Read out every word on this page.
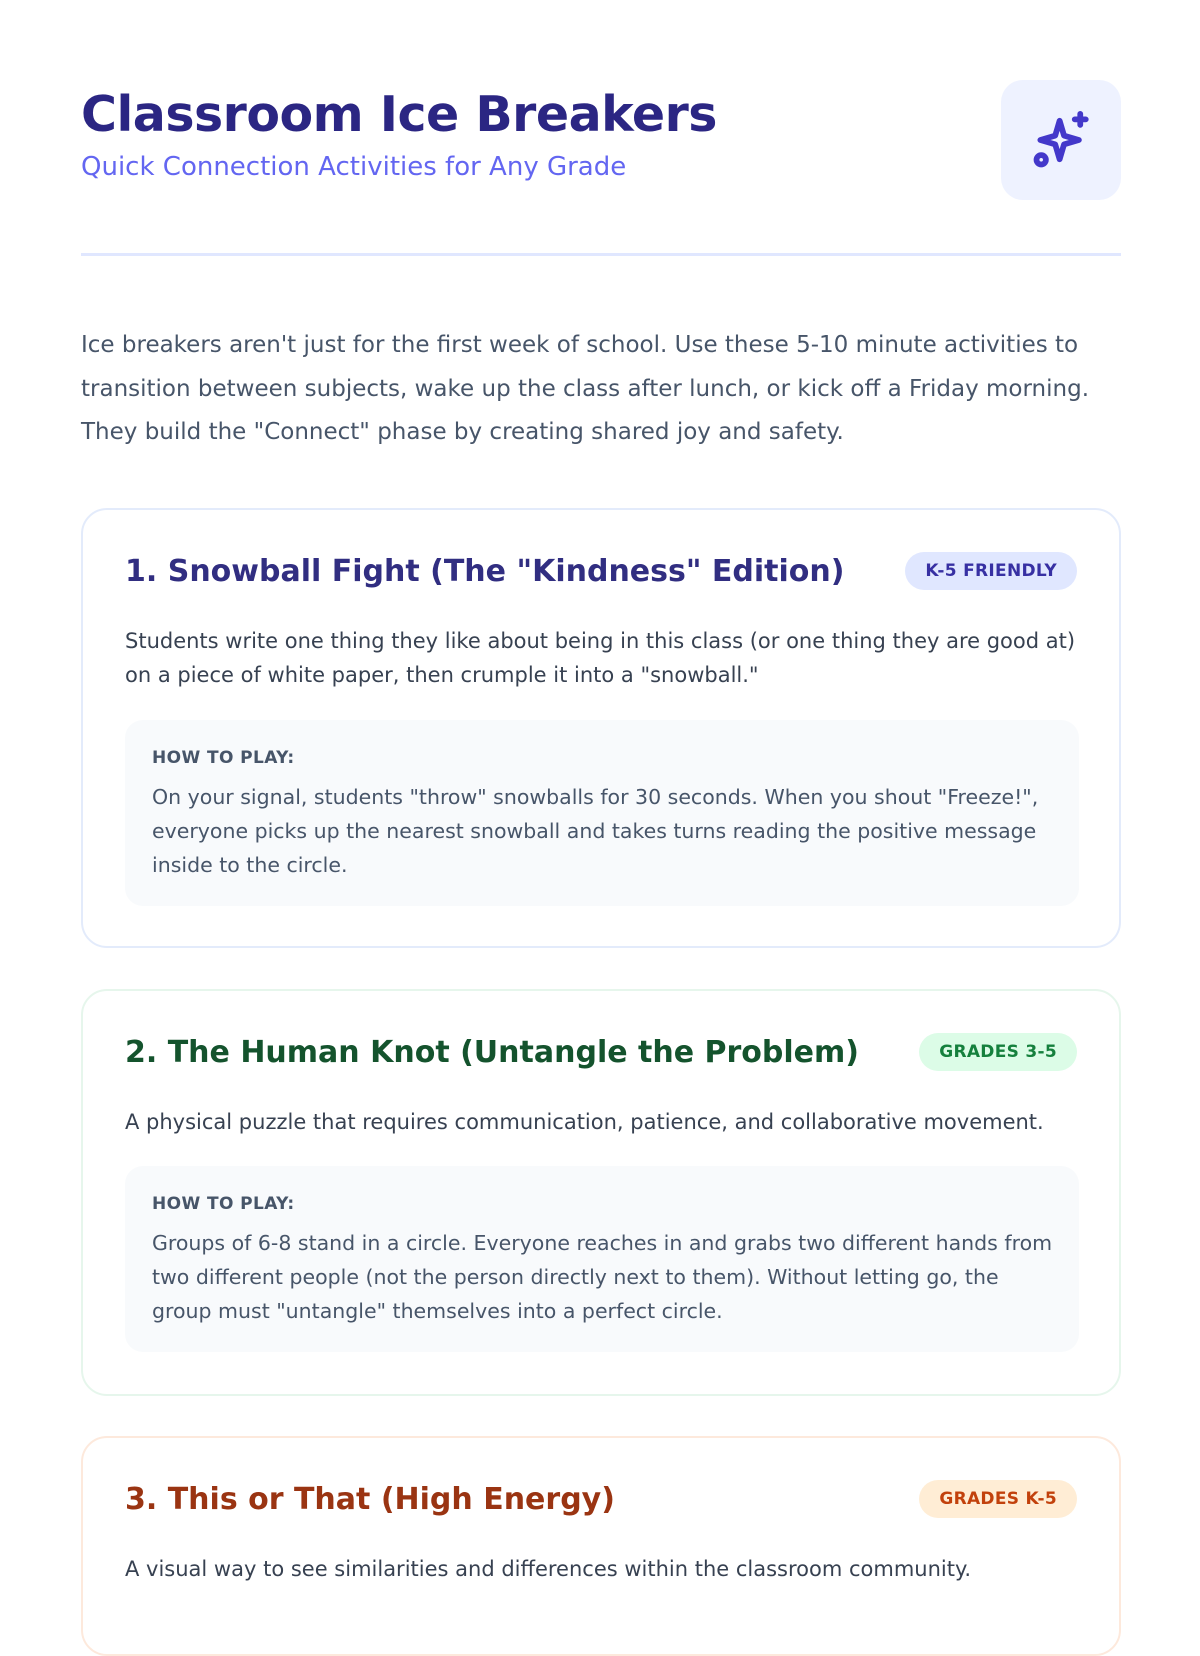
Classroom Ice Breakers
Quick Connection Activities for Any Grade

Ice breakers aren't just for the first week of school. Use these 5-10 minute activities to transition between subjects, wake up the class after lunch, or kick off a Friday morning. They build the "Connect" phase by creating shared joy and safety.

1. Snowball Fight (The "Kindness" Edition)	K-5 FRIENDLY

Students write one thing they like about being in this class (or one thing they are good at) on a piece of white paper, then crumple it into a "snowball."

HOW TO PLAY:

On your signal, students "throw" snowballs for 30 seconds. When you shout "Freeze!", everyone picks up the nearest snowball and takes turns reading the positive message inside to the circle.

2. The Human Knot (Untangle the Problem)	GRADES 3-5

A physical puzzle that requires communication, patience, and collaborative movement.

HOW TO PLAY:

Groups of 6-8 stand in a circle. Everyone reaches in and grabs two different hands from two different people (not the person directly next to them). Without letting go, the group must "untangle" themselves into a perfect circle.

3. This or That (High Energy)	GRADES K-5

A visual way to see similarities and differences within the classroom community.
